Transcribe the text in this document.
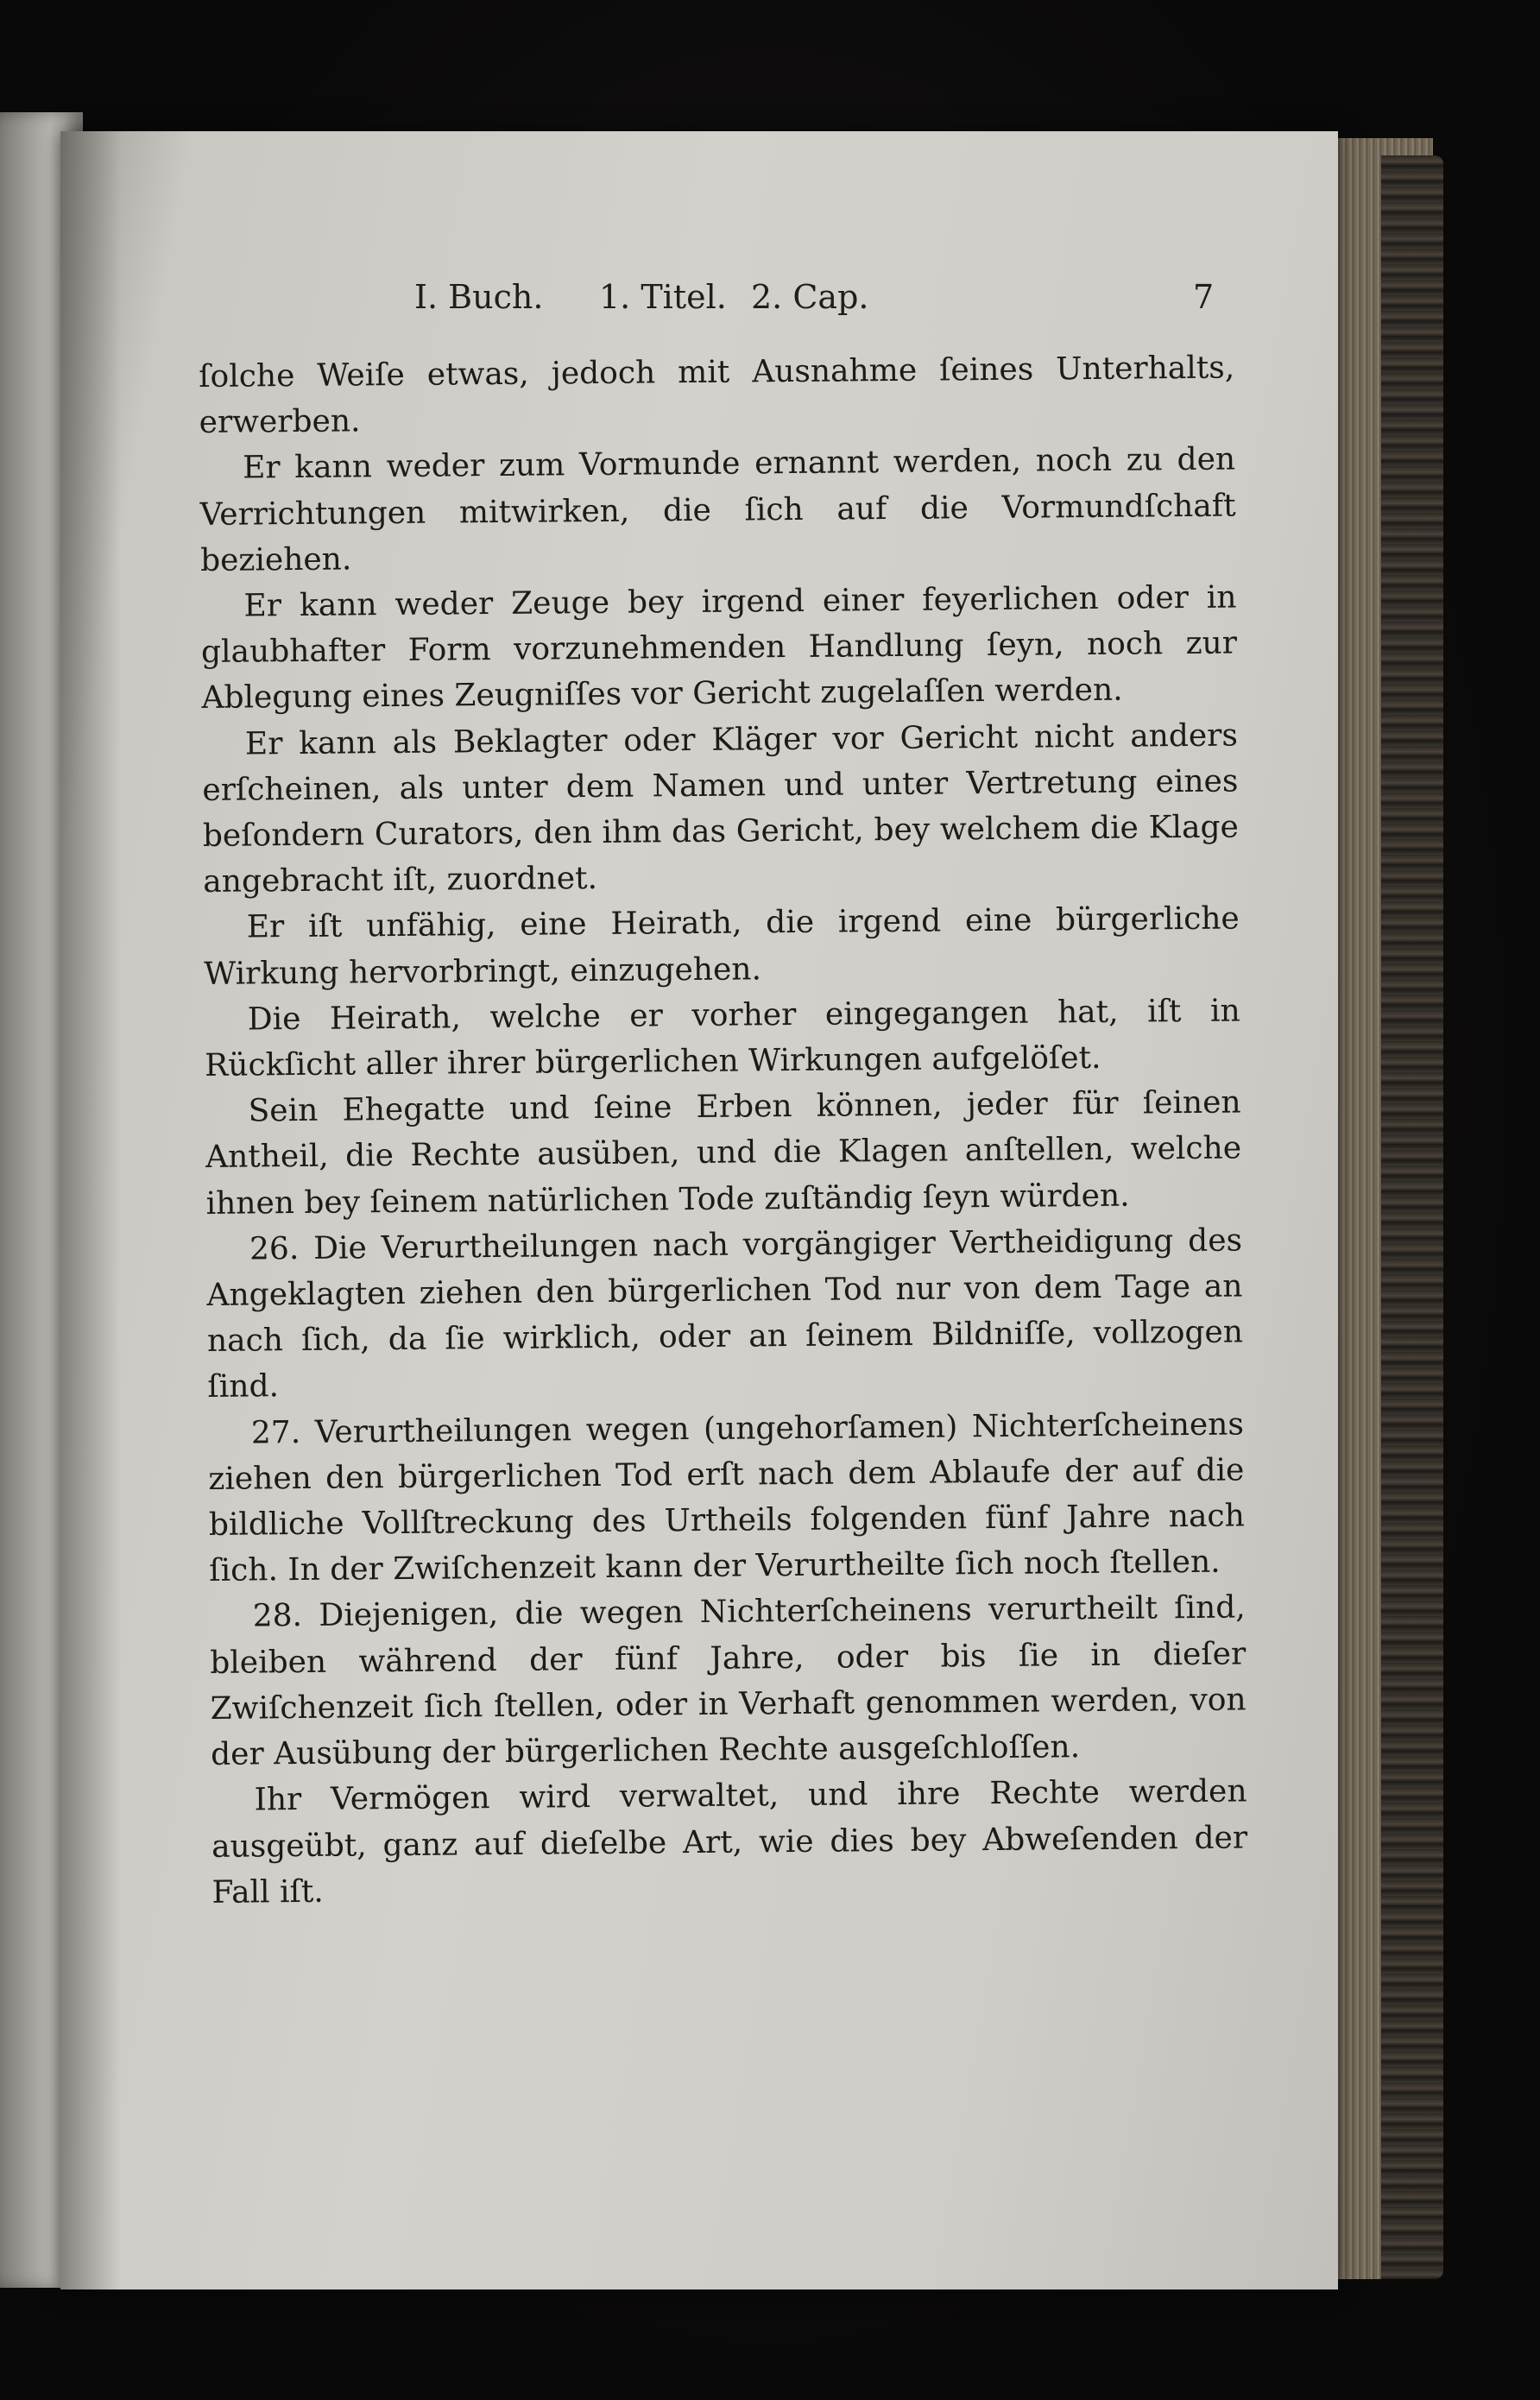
I. Buch. 1. Titel. 2. Cap.	7

ſolche Weiſe etwas, jedoch mit Ausnahme ſeines Unterhalts, erwerben.

Er kann weder zum Vormunde ernannt werden, noch zu den Verrichtungen mitwirken, die ſich auf die Vormundſchaft beziehen.

Er kann weder Zeuge bey irgend einer feyerlichen oder in glaubhafter Form vorzunehmenden Handlung ſeyn, noch zur Ablegung eines Zeugniſſes vor Gericht zugelaſſen werden.

Er kann als Beklagter oder Kläger vor Gericht nicht anders erſcheinen, als unter dem Namen und unter Vertretung eines beſondern Curators, den ihm das Gericht, bey welchem die Klage angebracht iſt, zuordnet.

Er iſt unfähig, eine Heirath, die irgend eine bürgerliche Wirkung hervorbringt, einzugehen.

Die Heirath, welche er vorher eingegangen hat, iſt in Rückſicht aller ihrer bürgerlichen Wirkungen aufgelöſet.

Sein Ehegatte und ſeine Erben können, jeder für ſeinen Antheil, die Rechte ausüben, und die Klagen anſtellen, welche ihnen bey ſeinem natürlichen Tode zuſtändig ſeyn würden.

26. Die Verurtheilungen nach vorgängiger Vertheidigung des Angeklagten ziehen den bürgerlichen Tod nur von dem Tage an nach ſich, da ſie wirklich, oder an ſeinem Bildniſſe, vollzogen ſind.

27. Verurtheilungen wegen (ungehorſamen) Nichterſcheinens ziehen den bürgerlichen Tod erſt nach dem Ablaufe der auf die bildliche Vollſtreckung des Urtheils folgenden fünf Jahre nach ſich. In der Zwiſchenzeit kann der Verurtheilte ſich noch ſtellen.

28. Diejenigen, die wegen Nichterſcheinens verurtheilt ſind, bleiben während der fünf Jahre, oder bis ſie in dieſer Zwiſchenzeit ſich ſtellen, oder in Verhaft genommen werden, von der Ausübung der bürgerlichen Rechte ausgeſchloſſen.

Ihr Vermögen wird verwaltet, und ihre Rechte werden ausgeübt, ganz auf dieſelbe Art, wie dies bey Abweſenden der Fall iſt.
